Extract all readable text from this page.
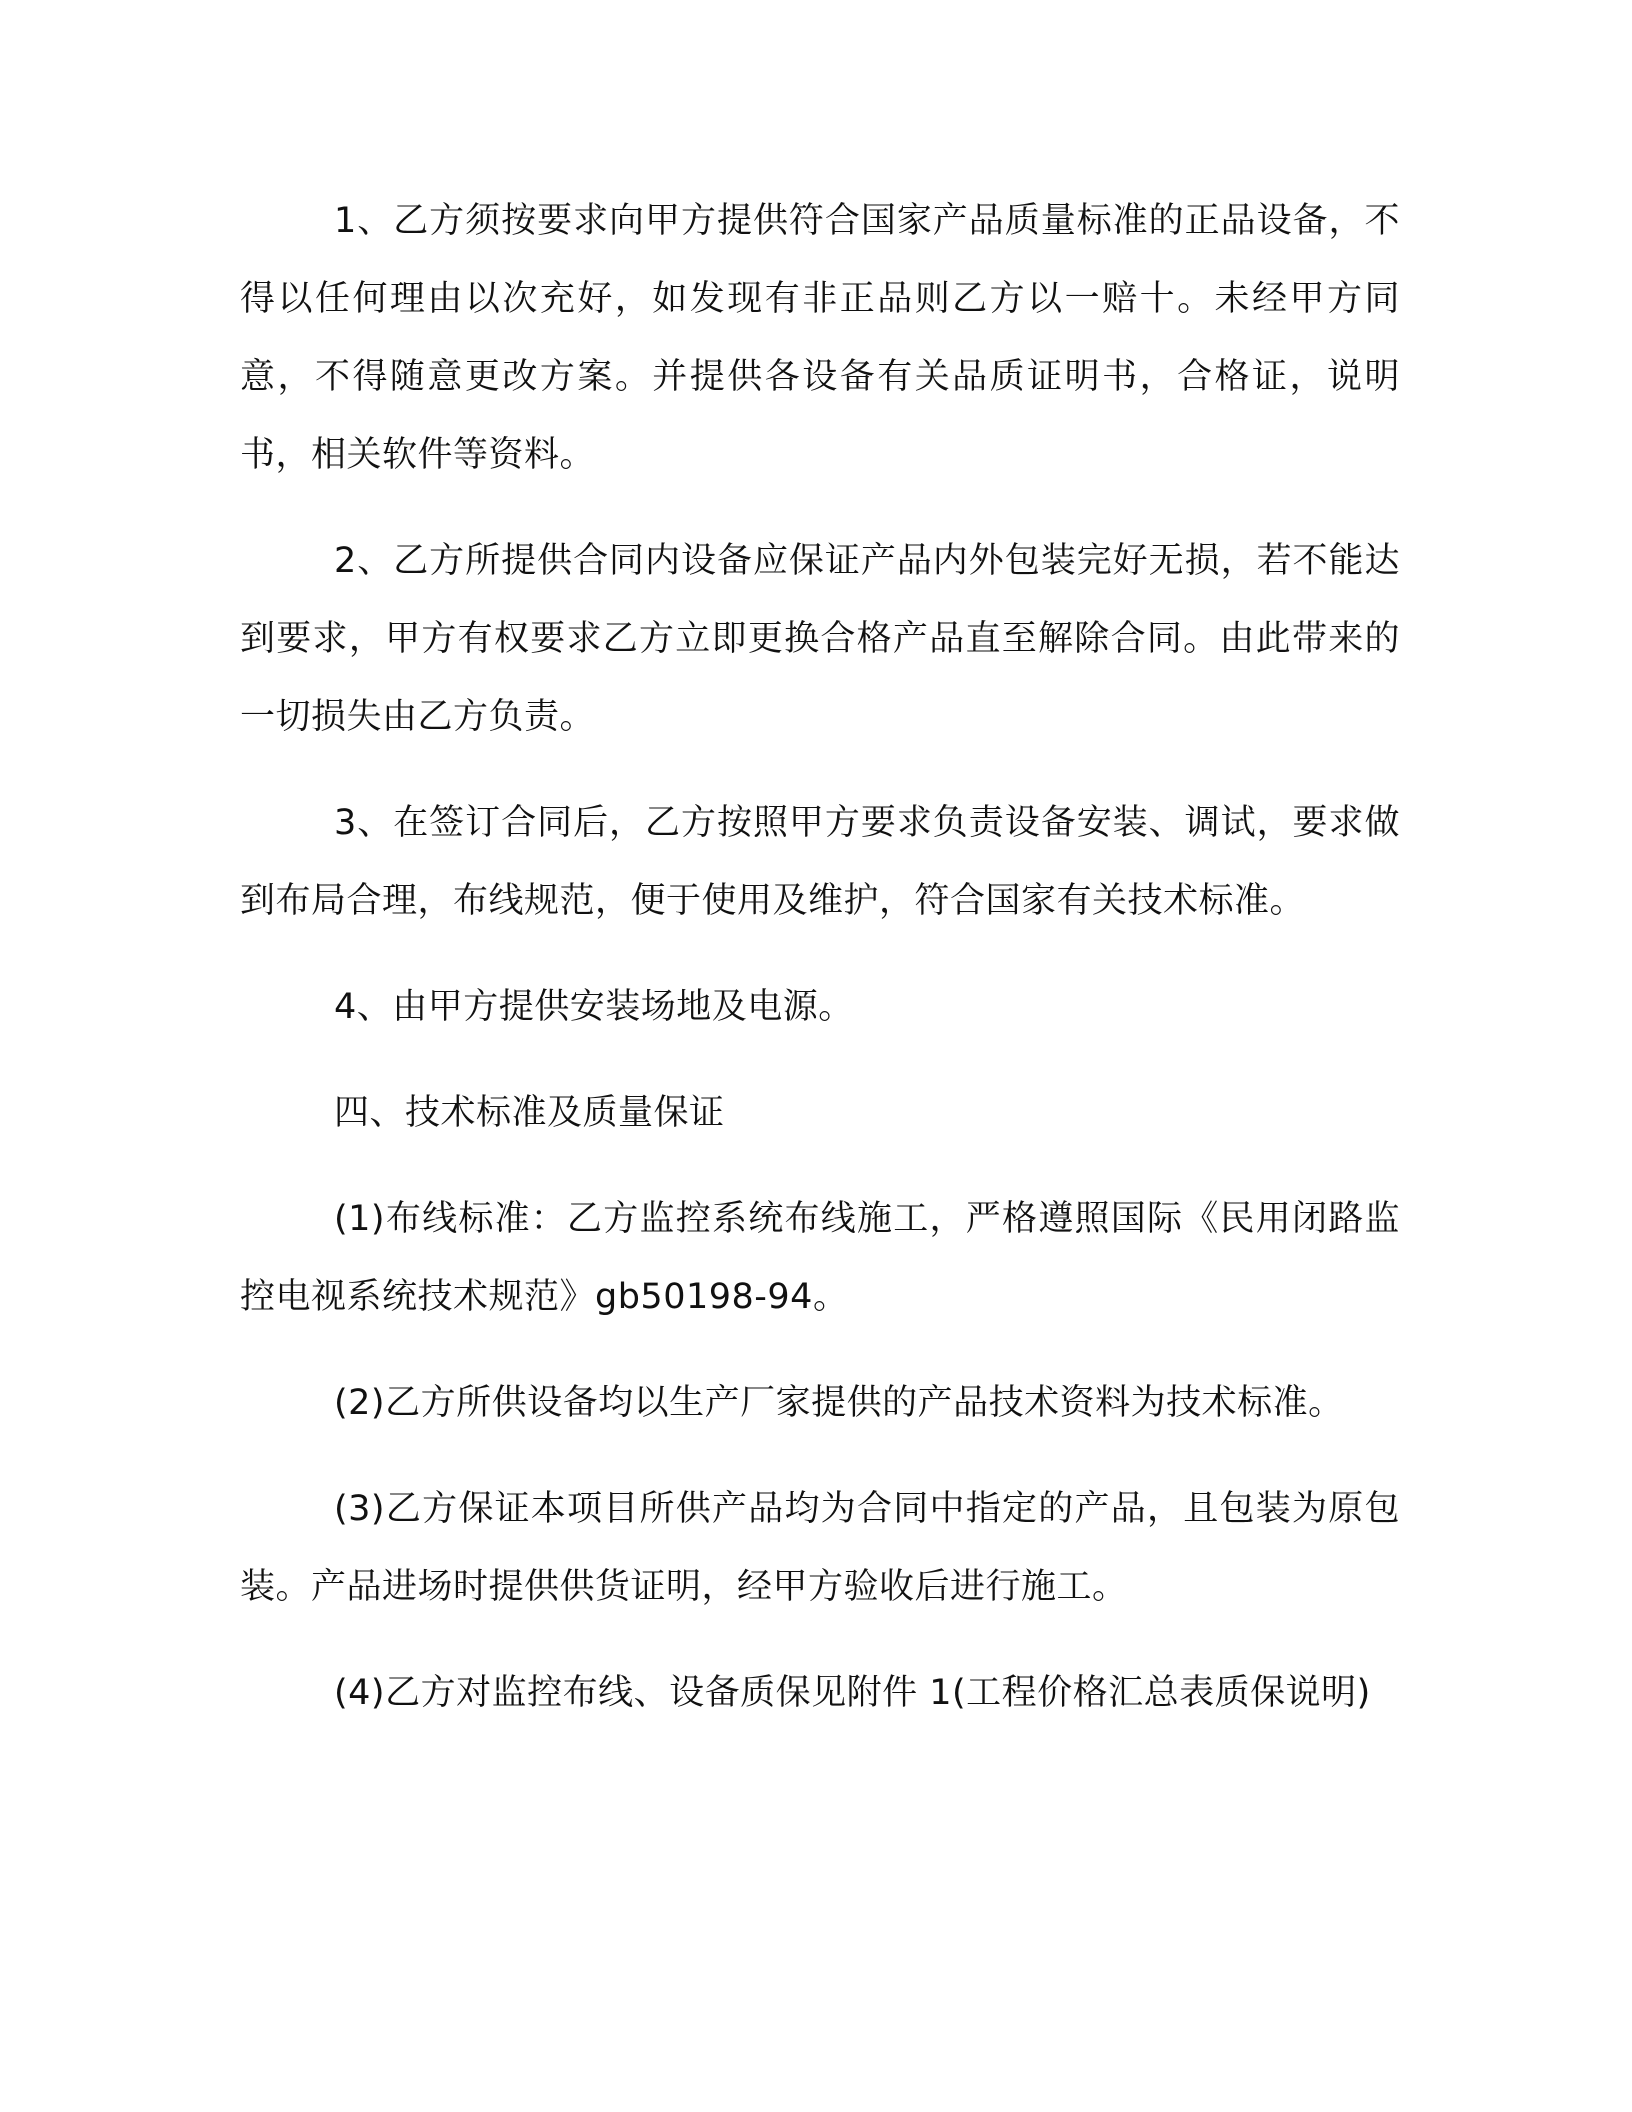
1、乙方须按要求向甲方提供符合国家产品质量标准的正品设备，不得以任何理由以次充好，如发现有非正品则乙方以一赔十。未经甲方同意，不得随意更改方案。并提供各设备有关品质证明书，合格证，说明书，相关软件等资料。

2、乙方所提供合同内设备应保证产品内外包装完好无损，若不能达到要求，甲方有权要求乙方立即更换合格产品直至解除合同。由此带来的一切损失由乙方负责。

3、在签订合同后，乙方按照甲方要求负责设备安装、调试，要求做到布局合理，布线规范，便于使用及维护，符合国家有关技术标准。

4、由甲方提供安装场地及电源。

四、技术标准及质量保证

(1)布线标准：乙方监控系统布线施工，严格遵照国际《民用闭路监控电视系统技术规范》gb50198-94。

(2)乙方所供设备均以生产厂家提供的产品技术资料为技术标准。

(3)乙方保证本项目所供产品均为合同中指定的产品，且包装为原包装。产品进场时提供供货证明，经甲方验收后进行施工。

(4)乙方对监控布线、设备质保见附件 1(工程价格汇总表质保说明)
